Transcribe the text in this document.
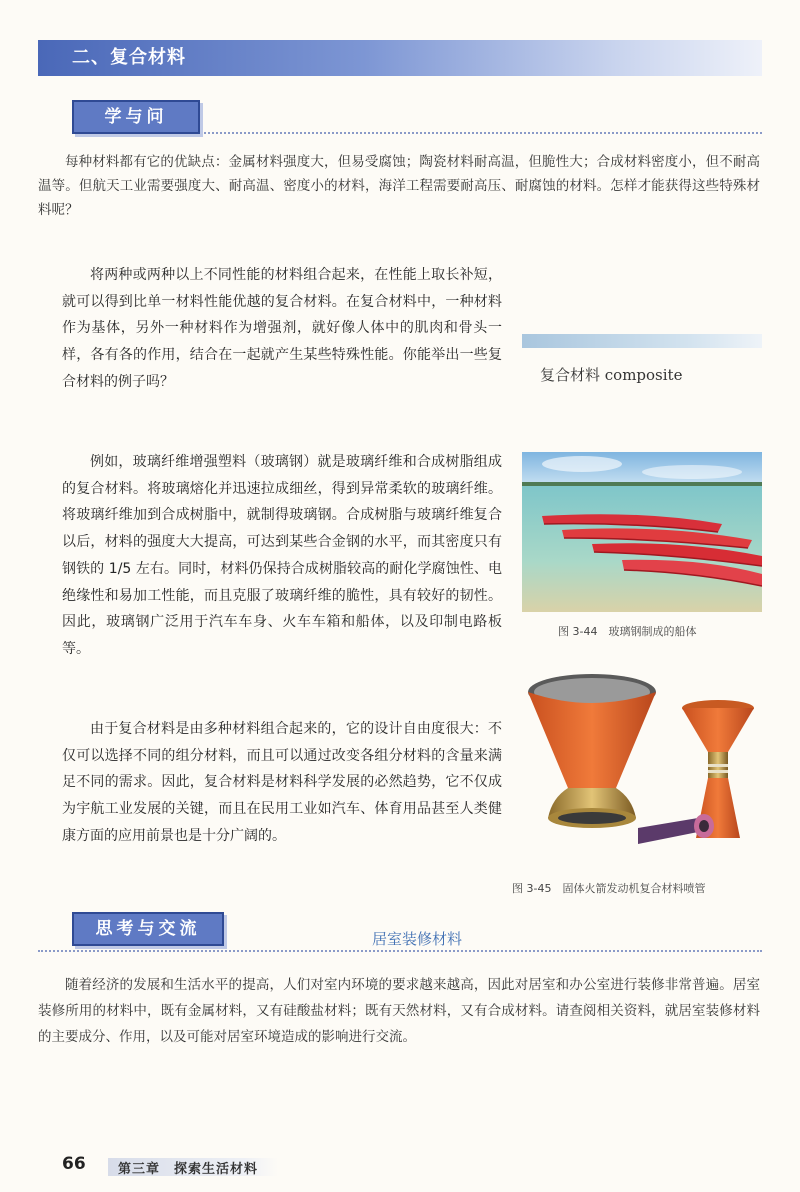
二、复合材料
学与问

每种材料都有它的优缺点：金属材料强度大，但易受腐蚀；陶瓷材料耐高温，但脆性大；合成材料密度小，但不耐高温等。但航天工业需要强度大、耐高温、密度小的材料，海洋工程需要耐高压、耐腐蚀的材料。怎样才能获得这些特殊材料呢？

将两种或两种以上不同性能的材料组合起来，在性能上取长补短，就可以得到比单一材料性能优越的复合材料。在复合材料中，一种材料作为基体，另外一种材料作为增强剂，就好像人体中的肌肉和骨头一样，各有各的作用，结合在一起就产生某些特殊性能。你能举出一些复合材料的例子吗？

例如，玻璃纤维增强塑料（玻璃钢）就是玻璃纤维和合成树脂组成的复合材料。将玻璃熔化并迅速拉成细丝，得到异常柔软的玻璃纤维。将玻璃纤维加到合成树脂中，就制得玻璃钢。合成树脂与玻璃纤维复合以后，材料的强度大大提高，可达到某些合金钢的水平，而其密度只有钢铁的 1/5 左右。同时，材料仍保持合成树脂较高的耐化学腐蚀性、电绝缘性和易加工性能，而且克服了玻璃纤维的脆性，具有较好的韧性。因此，玻璃钢广泛用于汽车车身、火车车箱和船体，以及印制电路板等。

由于复合材料是由多种材料组合起来的，它的设计自由度很大：不仅可以选择不同的组分材料，而且可以通过改变各组分材料的含量来满足不同的需求。因此，复合材料是材料科学发展的必然趋势，它不仅成为宇航工业发展的关键，而且在民用工业如汽车、体育用品甚至人类健康方面的应用前景也是十分广阔的。

复合材料 composite
图 3-44　玻璃钢制成的船体
图 3-45　固体火箭发动机复合材料喷管
思考与交流	居室装修材料

随着经济的发展和生活水平的提高，人们对室内环境的要求越来越高，因此对居室和办公室进行装修非常普遍。居室装修所用的材料中，既有金属材料，又有硅酸盐材料；既有天然材料，又有合成材料。请查阅相关资料，就居室装修材料的主要成分、作用，以及可能对居室环境造成的影响进行交流。

66 第三章　探索生活材料
